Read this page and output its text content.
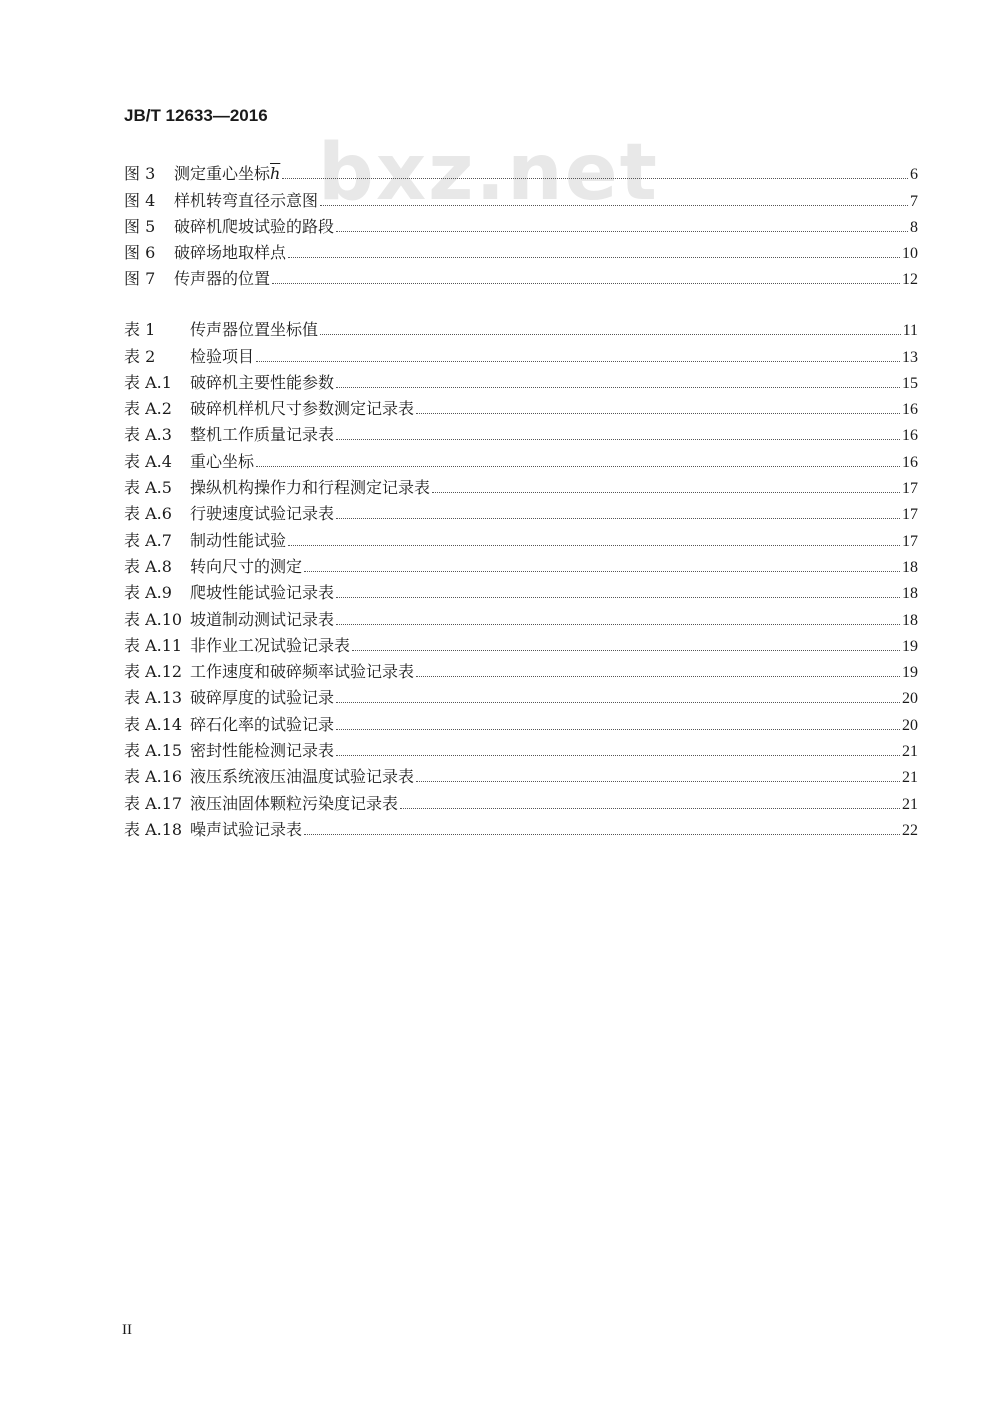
bxz.net
JB/T 12633—2016
图 3	测定重心坐标$\overline{h}$	6
图 4	样机转弯直径示意图	7
图 5	破碎机爬坡试验的路段	8
图 6	破碎场地取样点	10
图 7	传声器的位置	12
表 1	传声器位置坐标值	11
表 2	检验项目	13
表 A.1	破碎机主要性能参数	15
表 A.2	破碎机样机尺寸参数测定记录表	16
表 A.3	整机工作质量记录表	16
表 A.4	重心坐标	16
表 A.5	操纵机构操作力和行程测定记录表	17
表 A.6	行驶速度试验记录表	17
表 A.7	制动性能试验	17
表 A.8	转向尺寸的测定	18
表 A.9	爬坡性能试验记录表	18
表 A.10 坡道制动测试记录表	18
表 A.11 非作业工况试验记录表	19
表 A.12 工作速度和破碎频率试验记录表	19
表 A.13 破碎厚度的试验记录	20
表 A.14 碎石化率的试验记录	20
表 A.15 密封性能检测记录表	21
表 A.16 液压系统液压油温度试验记录表	21
表 A.17 液压油固体颗粒污染度记录表	21
表 A.18 噪声试验记录表	22
II
